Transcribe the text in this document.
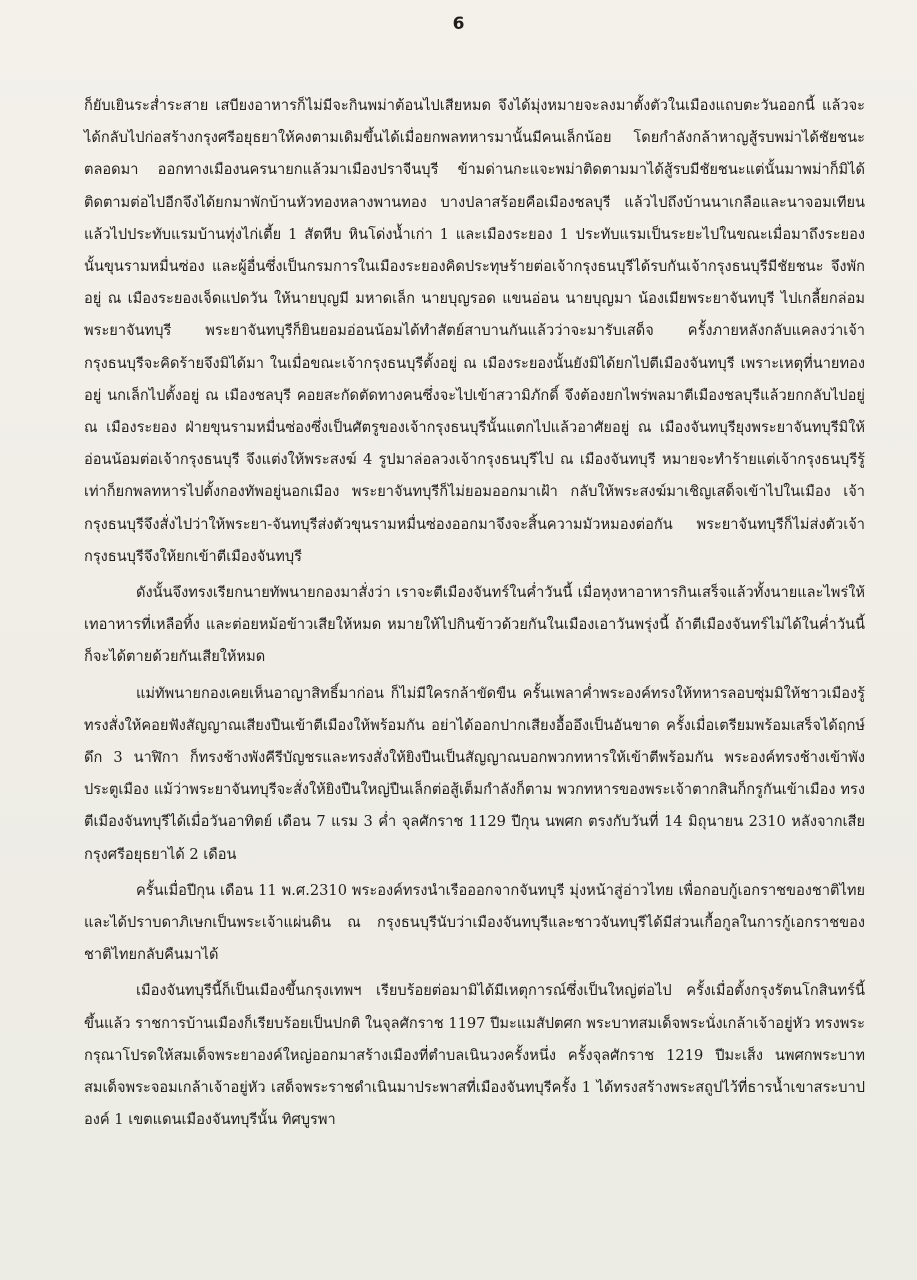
6

ก็ยับเยินระส่ำระสาย เสบียงอาหารก็ไม่มีจะกินพม่าต้อนไปเสียหมด จึงได้มุ่งหมายจะลงมาตั้งตัวในเมืองแถบตะวันออกนี้ แล้วจะได้กลับไปก่อสร้างกรุงศรีอยุธยาให้คงตามเดิมขึ้นได้เมื่อยกพลทหารมานั้นมีคนเล็กน้อย โดยกำลังกล้าหาญสู้รบพม่าได้ชัยชนะตลอดมา ออกทางเมืองนครนายกแล้วมาเมืองปราจีนบุรี ข้ามด่านกะแจะพม่าติดตามมาได้สู้รบมีชัยชนะแต่นั้นมาพม่าก็มิได้ติดตามต่อไปอีกจึงได้ยกมาพักบ้านหัวทองหลางพานทอง บางปลาสร้อยคือเมืองชลบุรี แล้วไปถึงบ้านนาเกลือและนาจอมเทียน แล้วไปประทับแรมบ้านทุ่งไก่เตี้ย 1 สัตหีบ หินโด่งน้ำเก่า 1 และเมืองระยอง 1 ประทับแรมเป็นระยะไปในขณะเมื่อมาถึงระยองนั้นขุนรามหมื่นซ่อง และผู้อื่นซึ่งเป็นกรมการในเมืองระยองคิดประทุษร้ายต่อเจ้ากรุงธนบุรีได้รบกันเจ้ากรุงธนบุรีมีชัยชนะ จึงพักอยู่ ณ เมืองระยองเจ็ดแปดวัน ให้นายบุญมี มหาดเล็ก นายบุญรอด แขนอ่อน นายบุญมา น้องเมียพระยาจันทบุรี ไปเกลี้ยกล่อมพระยาจันทบุรี พระยาจันทบุรีก็ยินยอมอ่อนน้อมได้ทำสัตย์สาบานกันแล้วว่าจะมารับเสด็จ ครั้งภายหลังกลับแคลงว่าเจ้ากรุงธนบุรีจะคิดร้ายจึงมิได้มา ในเมื่อขณะเจ้ากรุงธนบุรีตั้งอยู่ ณ เมืองระยองนั้นยังมิได้ยกไปตีเมืองจันทบุรี เพราะเหตุที่นายทองอยู่ นกเล็กไปตั้งอยู่ ณ เมืองชลบุรี คอยสะกัดตัดทางคนซึ่งจะไปเข้าสวามิภักดิ์ จึงต้องยกไพร่พลมาตีเมืองชลบุรีแล้วยกกลับไปอยู่ ณ เมืองระยอง ฝ่ายขุนรามหมื่นซ่องซึ่งเป็นศัตรูของเจ้ากรุงธนบุรีนั้นแตกไปแล้วอาศัยอยู่ ณ เมืองจันทบุรียุงพระยาจันทบุรีมิให้อ่อนน้อมต่อเจ้ากรุงธนบุรี จึงแต่งให้พระสงฆ์ 4 รูปมาล่อลวงเจ้ากรุงธนบุรีไป ณ เมืองจันทบุรี หมายจะทำร้ายแต่เจ้ากรุงธนบุรีรู้เท่าก็ยกพลทหารไปตั้งกองทัพอยู่นอกเมือง พระยาจันทบุรีก็ไม่ยอมออกมาเฝ้า กลับให้พระสงฆ์มาเชิญเสด็จเข้าไปในเมือง เจ้ากรุงธนบุรีจึงสั่งไปว่าให้พระยา-จันทบุรีส่งตัวขุนรามหมื่นซ่องออกมาจึงจะสิ้นความมัวหมองต่อกัน พระยาจันทบุรีก็ไม่ส่งตัวเจ้ากรุงธนบุรีจึงให้ยกเข้าตีเมืองจันทบุรี

ดังนั้นจึงทรงเรียกนายทัพนายกองมาสั่งว่า เราจะตีเมืองจันทร์ในค่ำวันนี้ เมื่อหุงหาอาหารกินเสร็จแล้วทั้งนายและไพร่ให้เทอาหารที่เหลือทิ้ง และต่อยหม้อข้าวเสียให้หมด หมายให้ไปกินข้าวด้วยกันในเมืองเอาวันพรุ่งนี้ ถ้าตีเมืองจันทร์ไม่ได้ในค่ำวันนี้ ก็จะได้ตายด้วยกันเสียให้หมด

แม่ทัพนายกองเคยเห็นอาญาสิทธิ์มาก่อน ก็ไม่มีใครกล้าขัดขืน ครั้นเพลาค่ำพระองค์ทรงให้ทหารลอบซุ่มมิให้ชาวเมืองรู้ ทรงสั่งให้คอยฟังสัญญาณเสียงปืนเข้าตีเมืองให้พร้อมกัน อย่าได้ออกปากเสียงอื้ออึงเป็นอันขาด ครั้งเมื่อเตรียมพร้อมเสร็จได้ฤกษ์ดึก 3 นาฬิกา ก็ทรงช้างพังคีรีบัญชรและทรงสั่งให้ยิงปืนเป็นสัญญาณบอกพวกทหารให้เข้าตีพร้อมกัน พระองค์ทรงช้างเข้าพังประตูเมือง แม้ว่าพระยาจันทบุรีจะสั่งให้ยิงปืนใหญ่ปืนเล็กต่อสู้เต็มกำลังก็ตาม พวกทหารของพระเจ้าตากสินก็กรูกันเข้าเมือง ทรงตีเมืองจันทบุรีได้เมื่อวันอาทิตย์ เดือน 7 แรม 3 ค่ำ จุลศักราช 1129 ปีกุน นพศก ตรงกับวันที่ 14 มิถุนายน 2310 หลังจากเสียกรุงศรีอยุธยาได้ 2 เดือน

ครั้นเมื่อปีกุน เดือน 11 พ.ศ.2310 พระองค์ทรงนำเรือออกจากจันทบุรี มุ่งหน้าสู่อ่าวไทย เพื่อกอบกู้เอกราชของชาติไทยและได้ปราบดาภิเษกเป็นพระเจ้าแผ่นดิน ณ กรุงธนบุรีนับว่าเมืองจันทบุรีและชาวจันทบุรีได้มีส่วนเกื้อกูลในการกู้เอกราชของชาติไทยกลับคืนมาได้

เมืองจันทบุรีนี้ก็เป็นเมืองขึ้นกรุงเทพฯ เรียบร้อยต่อมามิได้มีเหตุการณ์ซึ่งเป็นใหญ่ต่อไป ครั้งเมื่อตั้งกรุงรัตนโกสินทร์นี้ขึ้นแล้ว ราชการบ้านเมืองก็เรียบร้อยเป็นปกติ ในจุลศักราช 1197 ปีมะแมสัปตศก พระบาทสมเด็จพระนั่งเกล้าเจ้าอยู่หัว ทรงพระกรุณาโปรดให้สมเด็จพระยาองค์ใหญ่ออกมาสร้างเมืองที่ตำบลเนินวงครั้งหนึ่ง ครั้งจุลศักราช 1219 ปีมะเส็ง นพศกพระบาทสมเด็จพระจอมเกล้าเจ้าอยู่หัว เสด็จพระราชดำเนินมาประพาสที่เมืองจันทบุรีครั้ง 1 ได้ทรงสร้างพระสถูปไว้ที่ธารน้ำเขาสระบาปองค์ 1 เขตแดนเมืองจันทบุรีนั้น ทิศบูรพา
